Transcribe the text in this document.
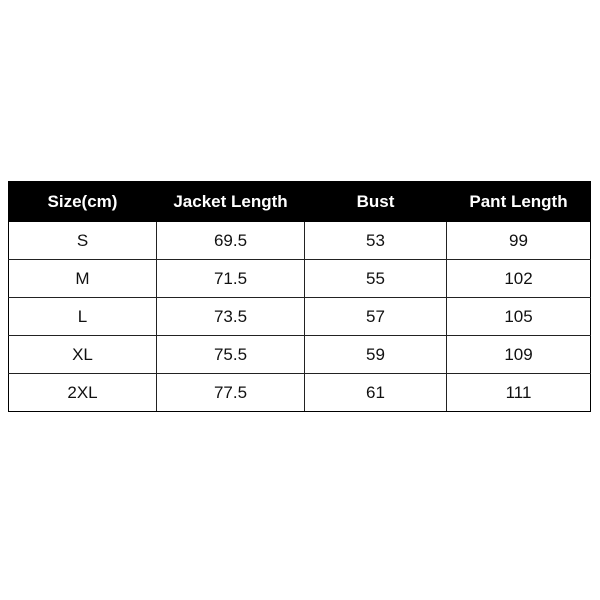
Size(cm)	Jacket Length	Bust	Pant Length
S	69.5	53	99
M	71.5	55	102
L	73.5	57	105
XL	75.5	59	109
2XL	77.5	61	111
